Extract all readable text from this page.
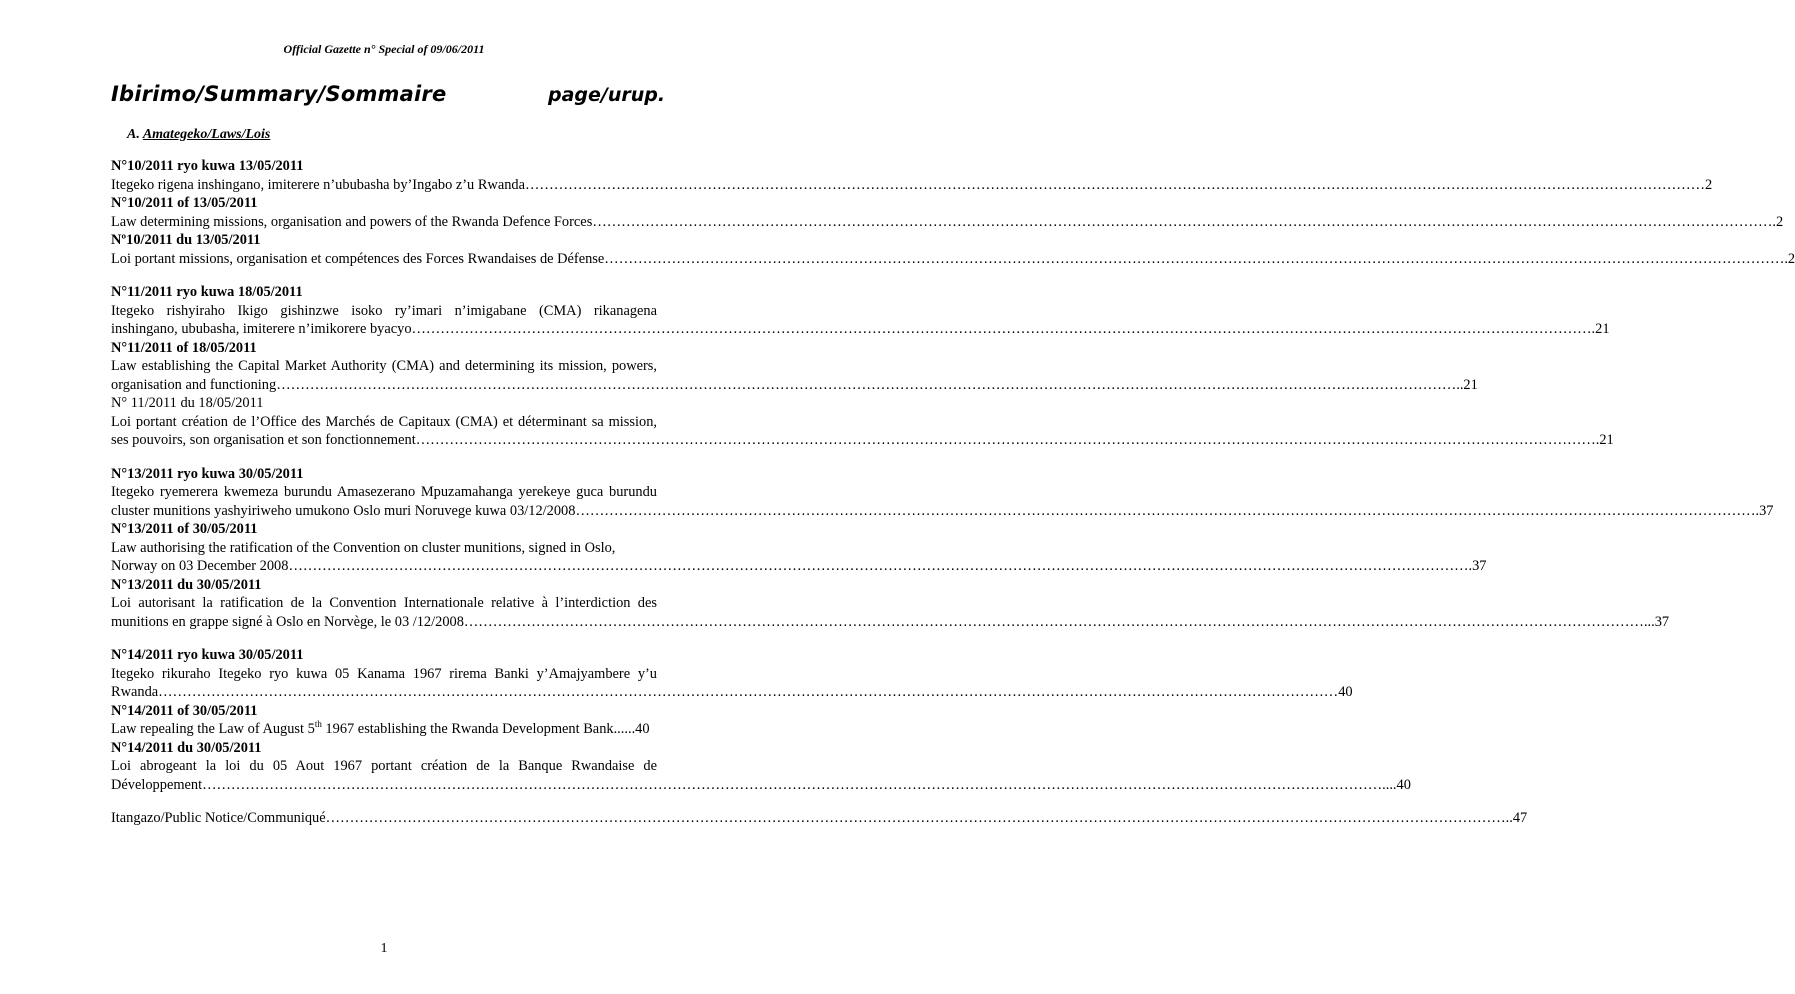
Official Gazette n° Special of 09/06/2011
Ibirimo/Summary/Sommaire	page/urup.
A. Amategeko/Laws/Lois
N°10/2011 ryo kuwa 13/05/2011
Itegeko rigena inshingano, imiterere n’ububasha by’Ingabo z’u Rwanda …………………………………………………………………………………………………………………………………………………………………………………………………………………………	2
N°10/2011 of 13/05/2011
Law determining missions, organisation and powers of the Rwanda Defence Forces …………………………………………………………………………………………………………………………………………………………………………………………………………………………	.2
Nº10/2011 du 13/05/2011
Loi portant missions, organisation et compétences des Forces Rwandaises de Défense …………………………………………………………………………………………………………………………………………………………………………………………………………………………	.2
N°11/2011 ryo kuwa 18/05/2011
Itegeko rishyiraho Ikigo gishinzwe isoko ry’imari n’imigabane (CMA) rikanagena
inshingano, ububasha, imiterere n’imikorere byacyo …………………………………………………………………………………………………………………………………………………………………………………………………………………………	.21
N°11/2011 of 18/05/2011
Law establishing the Capital Market Authority (CMA) and determining its mission, powers,
organisation and functioning …………………………………………………………………………………………………………………………………………………………………………………………………………………………	..21
N° 11/2011 du 18/05/2011
Loi portant création de l’Office des Marchés de Capitaux (CMA) et déterminant sa mission,
ses pouvoirs, son organisation et son fonctionnement …………………………………………………………………………………………………………………………………………………………………………………………………………………………	.21
N°13/2011 ryo kuwa 30/05/2011
Itegeko ryemerera kwemeza burundu Amasezerano Mpuzamahanga yerekeye guca burundu
cluster munitions yashyiriweho umukono Oslo muri Noruvege kuwa 03/12/2008 …………………………………………………………………………………………………………………………………………………………………………………………………………………………	.37
N°13/2011 of 30/05/2011
Law authorising the ratification of the Convention on cluster munitions, signed in Oslo,
Norway on 03 December 2008 …………………………………………………………………………………………………………………………………………………………………………………………………………………………	.37
N°13/2011 du 30/05/2011
Loi autorisant la ratification de la Convention Internationale relative à l’interdiction des
munitions en grappe signé à Oslo en Norvège, le 03 /12/2008 …………………………………………………………………………………………………………………………………………………………………………………………………………………………	...37
N°14/2011 ryo kuwa 30/05/2011
Itegeko rikuraho Itegeko ryo kuwa 05 Kanama 1967 rirema Banki y’Amajyambere y’u
Rwanda …………………………………………………………………………………………………………………………………………………………………………………………………………………………	40
N°14/2011 of 30/05/2011
Law repealing the Law of August 5th 1967 establishing the Rwanda Development Bank......40
N°14/2011 du 30/05/2011
Loi abrogeant la loi du 05 Aout 1967 portant création de la Banque Rwandaise de
Développement …………………………………………………………………………………………………………………………………………………………………………………………………………………………	....40
Itangazo/Public Notice/Communiqué …………………………………………………………………………………………………………………………………………………………………………………………………………………………	..47
1
